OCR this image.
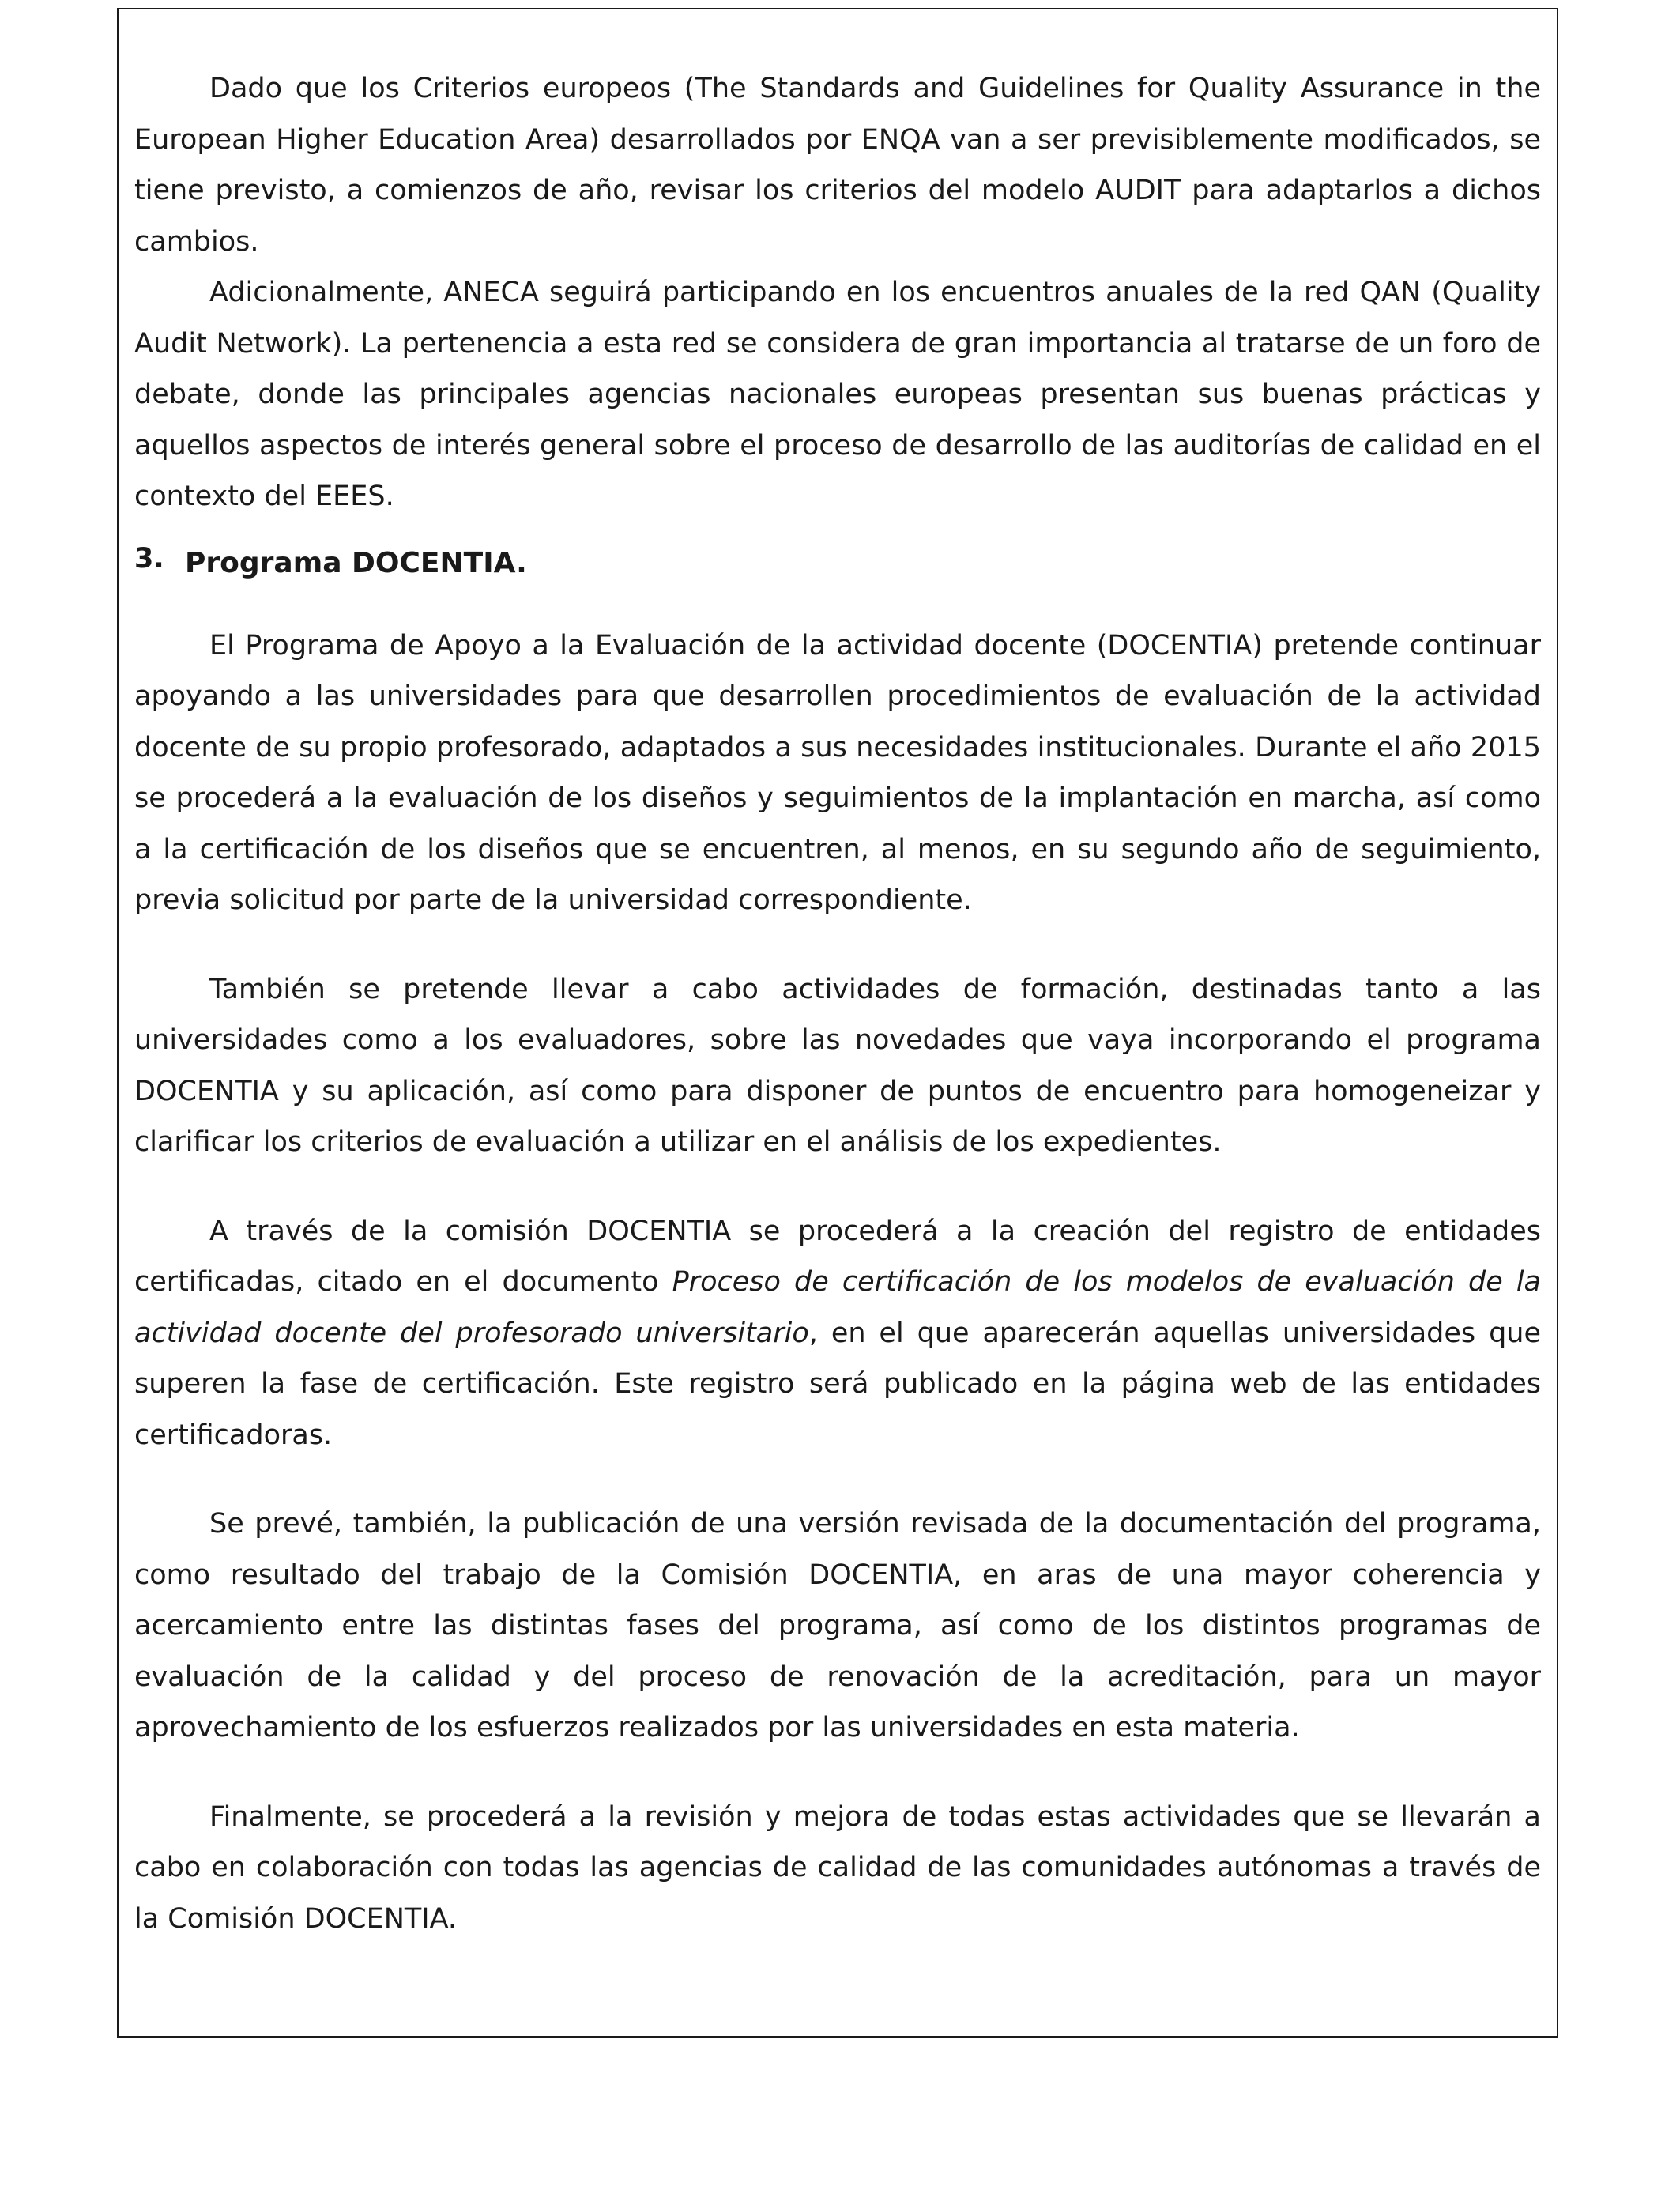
Dado que los Criterios europeos (The Standards and Guidelines for Quality Assurance in the European Higher Education Area) desarrollados por ENQA van a ser previsiblemente modificados, se tiene previsto, a comienzos de año, revisar los criterios del modelo AUDIT para adaptarlos a dichos cambios.

Adicionalmente, ANECA seguirá participando en los encuentros anuales de la red QAN (Quality Audit Network). La pertenencia a esta red se considera de gran importancia al tratarse de un foro de debate, donde las principales agencias nacionales europeas presentan sus buenas prácticas y aquellos aspectos de interés general sobre el proceso de desarrollo de las auditorías de calidad en el contexto del EEES.

3. Programa DOCENTIA.

El Programa de Apoyo a la Evaluación de la actividad docente (DOCENTIA) pretende continuar apoyando a las universidades para que desarrollen procedimientos de evaluación de la actividad docente de su propio profesorado, adaptados a sus necesidades institucionales. Durante el año 2015 se procederá a la evaluación de los diseños y seguimientos de la implantación en marcha, así como a la certificación de los diseños que se encuentren, al menos, en su segundo año de seguimiento, previa solicitud por parte de la universidad correspondiente.

También se pretende llevar a cabo actividades de formación, destinadas tanto a las universidades como a los evaluadores, sobre las novedades que vaya incorporando el programa DOCENTIA y su aplicación, así como para disponer de puntos de encuentro para homogeneizar y clarificar los criterios de evaluación a utilizar en el análisis de los expedientes.

A través de la comisión DOCENTIA se procederá a la creación del registro de entidades certificadas, citado en el documento Proceso de certificación de los modelos de evaluación de la actividad docente del profesorado universitario, en el que aparecerán aquellas universidades que superen la fase de certificación. Este registro será publicado en la página web de las entidades certificadoras.

Se prevé, también, la publicación de una versión revisada de la documentación del programa, como resultado del trabajo de la Comisión DOCENTIA, en aras de una mayor coherencia y acercamiento entre las distintas fases del programa, así como de los distintos programas de evaluación de la calidad y del proceso de renovación de la acreditación, para un mayor aprovechamiento de los esfuerzos realizados por las universidades en esta materia.

Finalmente, se procederá a la revisión y mejora de todas estas actividades que se llevarán a cabo en colaboración con todas las agencias de calidad de las comunidades autónomas a través de la Comisión DOCENTIA.
